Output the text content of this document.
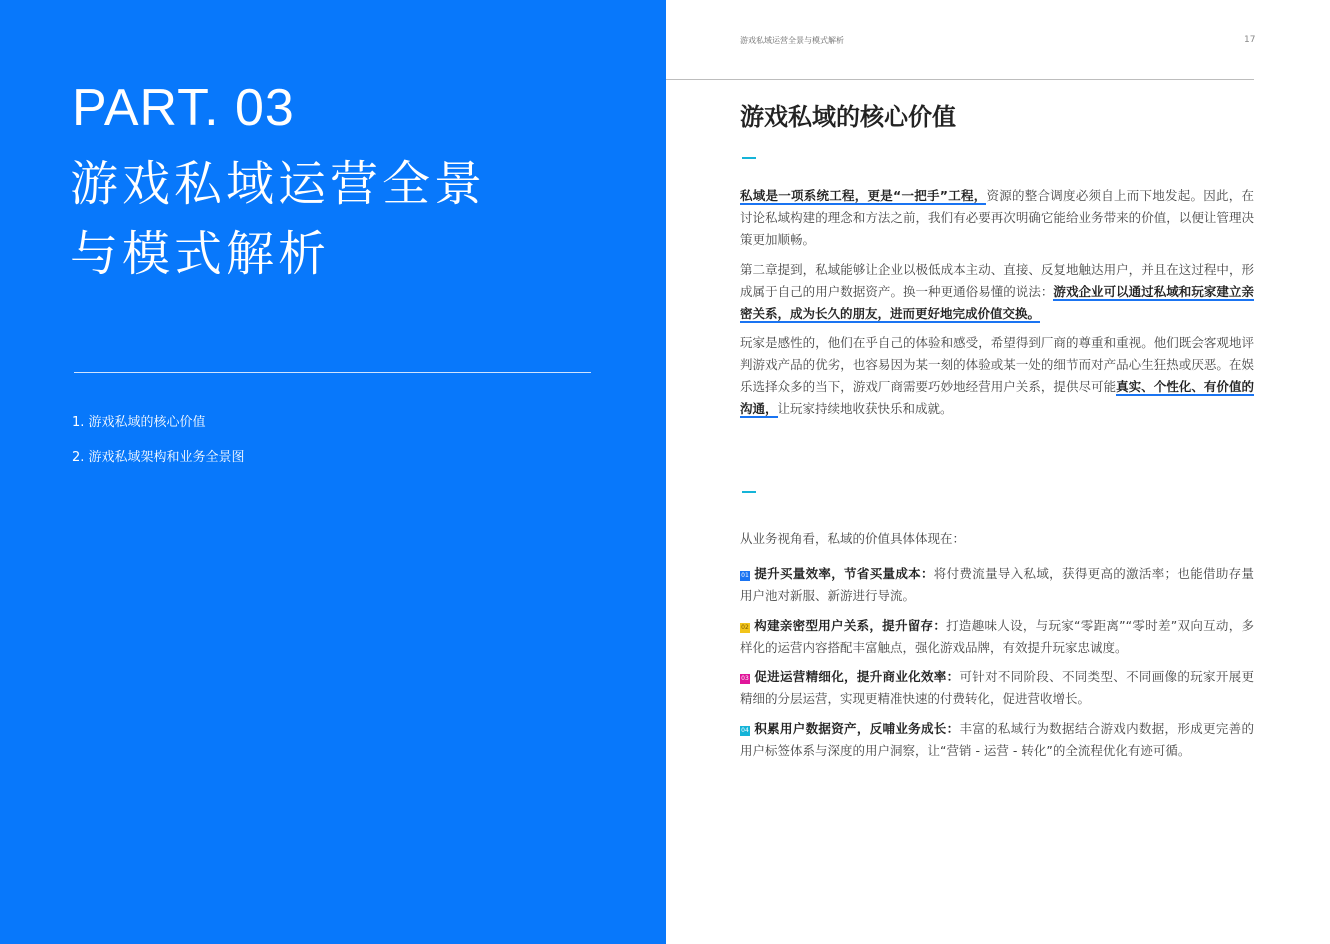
PART. 03
游戏私域运营全景
与模式解析
1. 游戏私域的核心价值
2. 游戏私域架构和业务全景图
游戏私域运营全景与模式解析	17
游戏私域的核心价值

私域是一项系统工程，更是“一把手”工程，资源的整合调度必须自上而下地发起。因此，在讨论私域构建的理念和方法之前，我们有必要再次明确它能给业务带来的价值，以便让管理决策更加顺畅。

第二章提到，私域能够让企业以极低成本主动、直接、反复地触达用户，并且在这过程中，形成属于自己的用户数据资产。换一种更通俗易懂的说法：游戏企业可以通过私域和玩家建立亲密关系，成为长久的朋友，进而更好地完成价值交换。

玩家是感性的，他们在乎自己的体验和感受，希望得到厂商的尊重和重视。他们既会客观地评判游戏产品的优劣，也容易因为某一刻的体验或某一处的细节而对产品心生狂热或厌恶。在娱乐选择众多的当下，游戏厂商需要巧妙地经营用户关系，提供尽可能真实、个性化、有价值的沟通，让玩家持续地收获快乐和成就。

从业务视角看，私域的价值具体体现在：
01 提升买量效率，节省买量成本：将付费流量导入私域，获得更高的激活率；也能借助存量用户池对新服、新游进行导流。
02 构建亲密型用户关系，提升留存：打造趣味人设，与玩家“零距离”“零时差”双向互动，多样化的运营内容搭配丰富触点，强化游戏品牌，有效提升玩家忠诚度。
03 促进运营精细化，提升商业化效率：可针对不同阶段、不同类型、不同画像的玩家开展更精细的分层运营，实现更精准快速的付费转化，促进营收增长。
04 积累用户数据资产，反哺业务成长：丰富的私域行为数据结合游戏内数据，形成更完善的用户标签体系与深度的用户洞察，让“营销 - 运营 - 转化”的全流程优化有迹可循。
